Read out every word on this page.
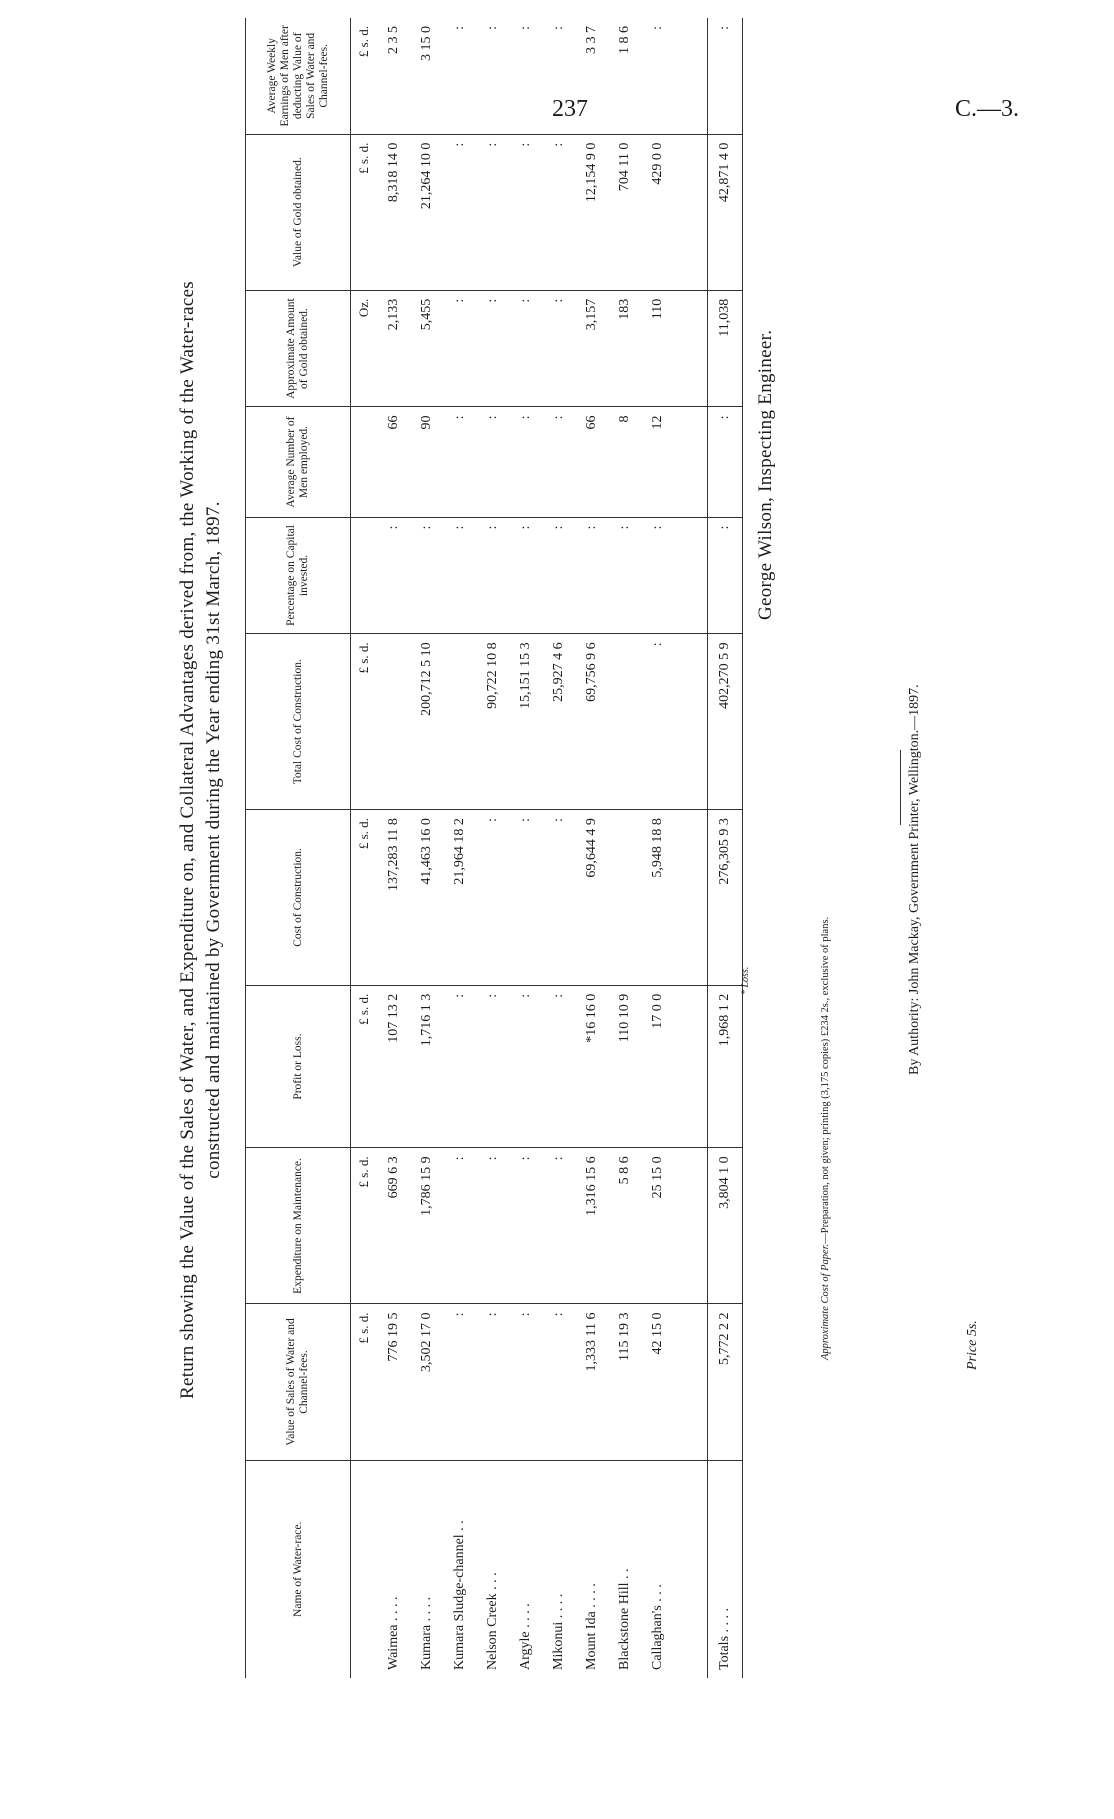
237	C.—3.
Return showing the Value of the Sales of Water, and Expenditure on, and Collateral Advantages derived from, the Working of the Water-races constructed and maintained by Government during the Year ending 31st March, 1897.
Name of Water-race.	Value of Sales of Water and Channel-fees.	Expenditure on Maintenance.	Profit or Loss.	Cost of Construction.	Total Cost of Construction.	Percentage on Capital invested.	Average Number of Men employed.	Approximate Amount of Gold obtained.	Value of Gold obtained.	Average Weekly Earnings of Men after deducting Value of Sales of Water and Channel-fees.
	£ s. d.	£ s. d.	£ s. d.	£ s. d.	£ s. d.			Oz.	£ s. d.	£ s. d.
Waimea . . . .	776 19 5	669 6 3	107 13 2	137,283 11 8		:	66	2,133	8,318 14 0	2 3 5
Kumara . . . .	3,502 17 0	1,786 15 9	1,716 1 3	41,463 16 0	200,712 5 10	:	90	5,455	21,264 10 0	3 15 0
Kumara Sludge-channel . .	:	:	:	21,964 18 2		:	:	:	:	:
Nelson Creek . . .	:	:	:	:	90,722 10 8	:	:	:	:	:
Argyle . . . .	:	:	:	:	15,151 15 3	:	:	:	:	:
Mikonui . . . .	:	:	:	:	25,927 4 6	:	:	:	:	:
Mount Ida . . . .	1,333 11 6	1,316 15 6	*16 16 0	69,644 4 9	69,756 9 6	:	66	3,157	12,154 9 0	3 3 7
Blackstone Hill . .	115 19 3	5 8 6	110 10 9			:	8	183	704 11 0	1 8 6
Callaghan's . . .	42 15 0	25 15 0	17 0 0	5,948 18 8	:	:	12	110	429 0 0	:

Totals . . . .	5,772 2 2	3,804 1 0	1,968 1 2	276,305 9 3	402,270 5 9	:	:	11,038	42,871 4 0	:
* Loss.
George Wilson, Inspecting Engineer.
Approximate Cost of Paper.—Preparation, not given; printing (3,175 copies) £234 2s., exclusive of plans.
By Authority: John Mackay, Government Printer, Wellington.—1897.
Price 5s.
